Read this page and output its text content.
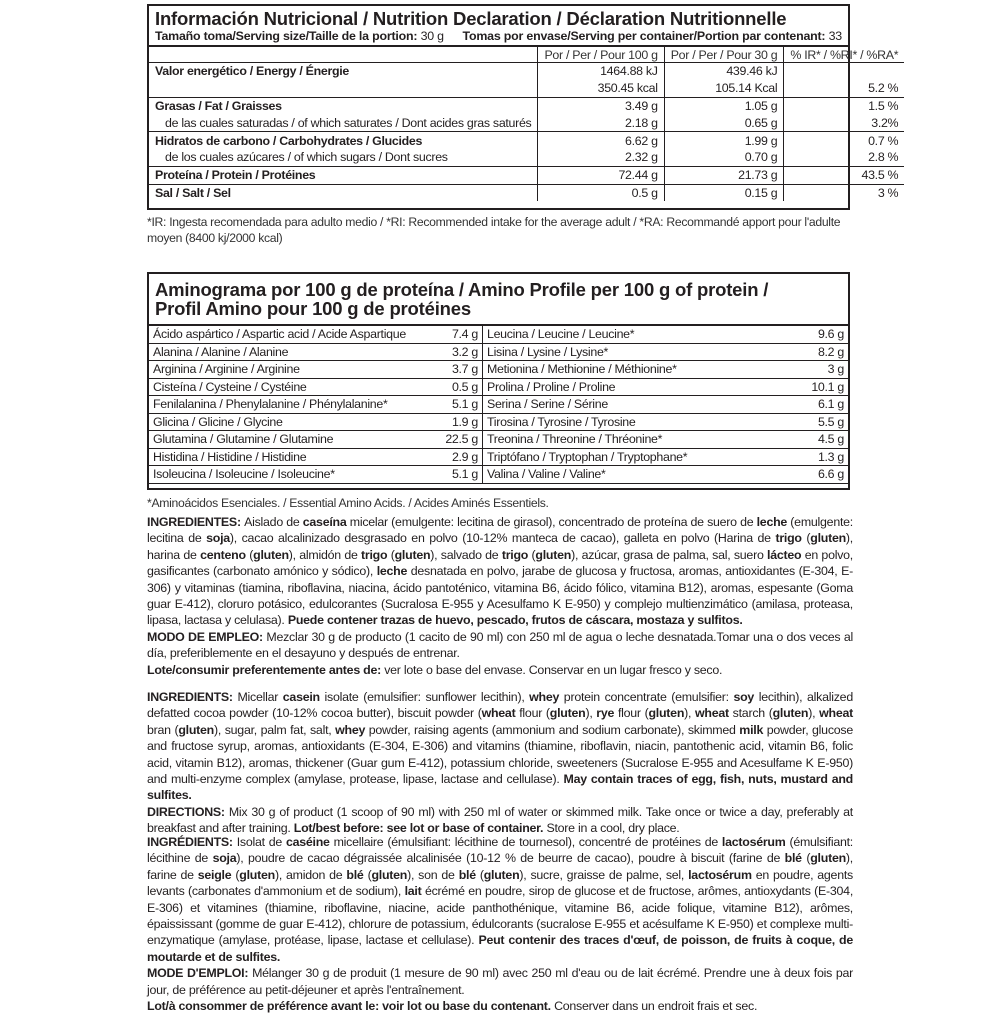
Información Nutricional / Nutrition Declaration / Déclaration Nutritionnelle
Tamaño toma/Serving size/Taille de la portion: 30 g Tomas por envase/Serving per container/Portion par contenant: 33
	Por / Per / Pour 100 g	Por / Per / Pour 30 g	% IR* / %RI* / %RA*
Valor energético / Energy / Énergie	1464.88 kJ	439.46 kJ	
	350.45 kcal	105.14 Kcal	5.2 %
Grasas / Fat / Graisses	3.49 g	1.05 g	1.5 %
de las cuales saturadas / of which saturates / Dont acides gras saturés	2.18 g	0.65 g	3.2%
Hidratos de carbono / Carbohydrates / Glucides	6.62 g	1.99 g	0.7 %
de los cuales azúcares / of which sugars / Dont sucres	2.32 g	0.70 g	2.8 %
Proteína / Protein / Protéines	72.44 g	21.73 g	43.5 %
Sal / Salt / Sel	0.5 g	0.15 g	3 %
*IR: Ingesta recomendada para adulto medio / *RI: Recommended intake for the average adult / *RA: Recommandé apport pour l'adulte moyen (8400 kj/2000 kcal)
Aminograma por 100 g de proteína / Amino Profile per 100 g of protein /
Profil Amino pour 100 g de protéines
Ácido aspártico / Aspartic acid / Acide Aspartique	7.4 g	Leucina / Leucine / Leucine*	9.6 g
Alanina / Alanine / Alanine	3.2 g	Lisina / Lysine / Lysine*	8.2 g
Arginina / Arginine / Arginine	3.7 g	Metionina / Methionine / Méthionine*	3 g
Cisteína / Cysteine / Cystéine	0.5 g	Prolina / Proline / Proline	10.1 g
Fenilalanina / Phenylalanine / Phénylalanine*	5.1 g	Serina / Serine / Sérine	6.1 g
Glicina / Glicine / Glycine	1.9 g	Tirosina / Tyrosine / Tyrosine	5.5 g
Glutamina / Glutamine / Glutamine	22.5 g	Treonina / Threonine / Thréonine*	4.5 g
Histidina / Histidine / Histidine	2.9 g	Triptófano / Tryptophan / Tryptophane*	1.3 g
Isoleucina / Isoleucine / Isoleucine*	5.1 g	Valina / Valine / Valine*	6.6 g
*Aminoácidos Esenciales. / Essential Amino Acids. / Acides Aminés Essentiels.

INGREDIENTES: Aislado de caseína micelar (emulgente: lecitina de girasol), concentrado de proteína de suero de leche (emulgente: lecitina de soja), cacao alcalinizado desgrasado en polvo (10-12% manteca de cacao), galleta en polvo (Harina de trigo (gluten), harina de centeno (gluten), almidón de trigo (gluten), salvado de trigo (gluten), azúcar, grasa de palma, sal, suero lácteo en polvo, gasificantes (carbonato amónico y sódico), leche desnatada en polvo, jarabe de glucosa y fructosa, aromas, antioxidantes (E-304, E-306) y vitaminas (tiamina, riboflavina, niacina, ácido pantoténico, vitamina B6, ácido fólico, vitamina B12), aromas, espesante (Goma guar E-412), cloruro potásico, edulcorantes (Sucralosa E-955 y Acesulfamo K E-950) y complejo multienzimático (amilasa, proteasa, lipasa, lactasa y celulasa). Puede contener trazas de huevo, pescado, frutos de cáscara, mostaza y sulfitos.

MODO DE EMPLEO: Mezclar 30 g de producto (1 cacito de 90 ml) con 250 ml de agua o leche desnatada.Tomar una o dos veces al día, preferiblemente en el desayuno y después de entrenar.

Lote/consumir preferentemente antes de: ver lote o base del envase. Conservar en un lugar fresco y seco.

INGREDIENTS: Micellar casein isolate (emulsifier: sunflower lecithin), whey protein concentrate (emulsifier: soy lecithin), alkalized defatted cocoa powder (10-12% cocoa butter), biscuit powder (wheat flour (gluten), rye flour (gluten), wheat starch (gluten), wheat bran (gluten), sugar, palm fat, salt, whey powder, raising agents (ammonium and sodium carbonate), skimmed milk powder, glucose and fructose syrup, aromas, antioxidants (E-304, E-306) and vitamins (thiamine, riboflavin, niacin, pantothenic acid, vitamin B6, folic acid, vitamin B12), aromas, thickener (Guar gum E-412), potassium chloride, sweeteners (Sucralose E-955 and Acesulfame K E-950) and multi-enzyme complex (amylase, protease, lipase, lactase and cellulase). May contain traces of egg, fish, nuts, mustard and sulfites.

DIRECTIONS: Mix 30 g of product (1 scoop of 90 ml) with 250 ml of water or skimmed milk. Take once or twice a day, preferably at breakfast and after training. Lot/best before: see lot or base of container. Store in a cool, dry place.

INGRÉDIENTS: Isolat de caséine micellaire (émulsifiant: lécithine de tournesol), concentré de protéines de lactosérum (émulsifiant: lécithine de soja), poudre de cacao dégraissée alcalinisée (10-12 % de beurre de cacao), poudre à biscuit (farine de blé (gluten), farine de seigle (gluten), amidon de blé (gluten), son de blé (gluten), sucre, graisse de palme, sel, lactosérum en poudre, agents levants (carbonates d'ammonium et de sodium), lait écrémé en poudre, sirop de glucose et de fructose, arômes, antioxydants (E-304, E-306) et vitamines (thiamine, riboflavine, niacine, acide panthothénique, vitamine B6, acide folique, vitamine B12), arômes, épaississant (gomme de guar E-412), chlorure de potassium, édulcorants (sucralose E-955 et acésulfame K E-950) et complexe multi-enzymatique (amylase, protéase, lipase, lactase et cellulase). Peut contenir des traces d'œuf, de poisson, de fruits à coque, de moutarde et de sulfites.

MODE D'EMPLOI: Mélanger 30 g de produit (1 mesure de 90 ml) avec 250 ml d'eau ou de lait écrémé. Prendre une à deux fois par jour, de préférence au petit-déjeuner et après l'entraînement.

Lot/à consommer de préférence avant le: voir lot ou base du contenant. Conserver dans un endroit frais et sec.
